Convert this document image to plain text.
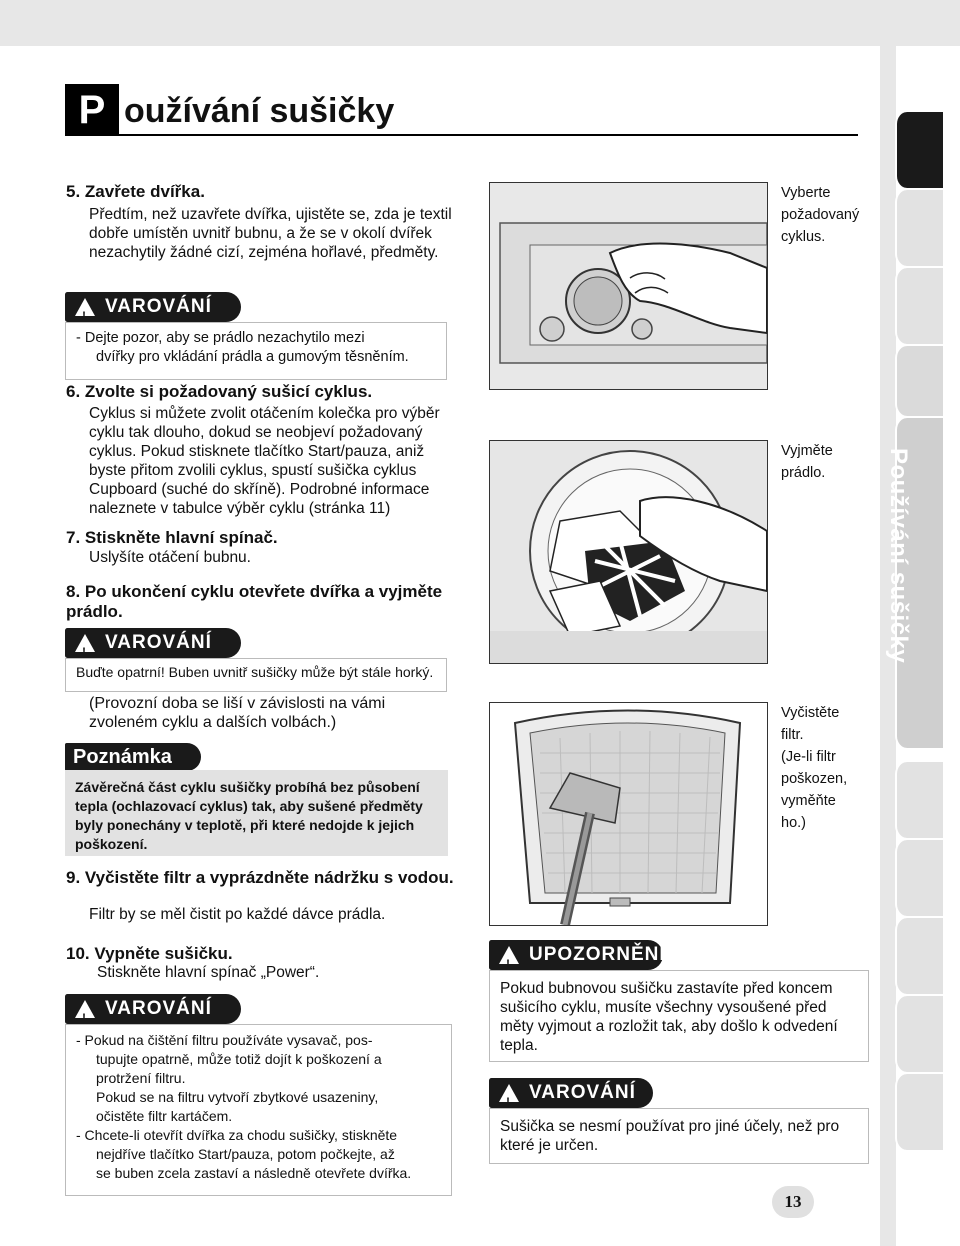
Používání sušičky
P oužívání sušičky
5. Zavřete dvířka.
Předtím, než uzavřete dvířka, ujistěte se, zda je textil dobře umístěn uvnitř bubnu, a že se v okolí dvířek nezachytily žádné cizí, zejména hořlavé, předměty.
!
VAROVÁNÍ
- Dejte pozor, aby se prádlo nezachytilo mezi
dvířky pro vkládání prádla a gumovým těsněním.
6. Zvolte si požadovaný sušicí cyklus.
Cyklus si můžete zvolit otáčením kolečka pro výběr cyklu tak dlouho, dokud se neobjeví požadovaný cyklus. Pokud stisknete tlačítko Start/pauza, aniž byste přitom zvolili cyklus, spustí sušička cyklus Cupboard (suché do skříně). Podrobné informace naleznete v tabulce výběr cyklu (stránka 11)
7. Stiskněte hlavní spínač.
Uslyšíte otáčení bubnu.
8. Po ukončení cyklu otevřete dvířka a vyjměte prádlo.
!
VAROVÁNÍ
Buďte opatrní! Buben uvnitř sušičky může být stále horký.
(Provozní doba se liší v závislosti na vámi zvoleném cyklu a dalších volbách.)
Poznámka
Závěrečná část cyklu sušičky probíhá bez působení tepla (ochlazovací cyklus) tak, aby sušené předměty byly ponechány v teplotě, při které nedojde k jejich poškození.
9. Vyčistěte filtr a vyprázdněte nádržku s vodou.
Filtr by se měl čistit po každé dávce prádla.
10. Vypněte sušičku.
Stiskněte hlavní spínač „Power“.
!
VAROVÁNÍ
- Pokud na čištění filtru používáte vysavač, pos-
tupujte opatrně, může totiž dojít k poškození a
protržení filtru.
Pokud se na filtru vytvoří zbytkové usazeniny,
očistěte filtr kartáčem.
- Chcete-li otevřít dvířka za chodu sušičky, stiskněte
nejdříve tlačítko Start/pauza, potom počkejte, až
se buben zcela zastaví a následně otevřete dvířka.
Vyberte
požadovaný
cyklus.
Vyjměte
prádlo.
Vyčistěte
filtr.
(Je-li filtr
poškozen,
vyměňte
ho.)
!
UPOZORNĚNÍ
Pokud bubnovou sušičku zastavíte před koncem sušicího cyklu, musíte všechny vysoušené před měty vyjmout a rozložit tak, aby došlo k odvedení tepla.
!
VAROVÁNÍ
Sušička se nesmí používat pro jiné účely, než pro které je určen.
13
